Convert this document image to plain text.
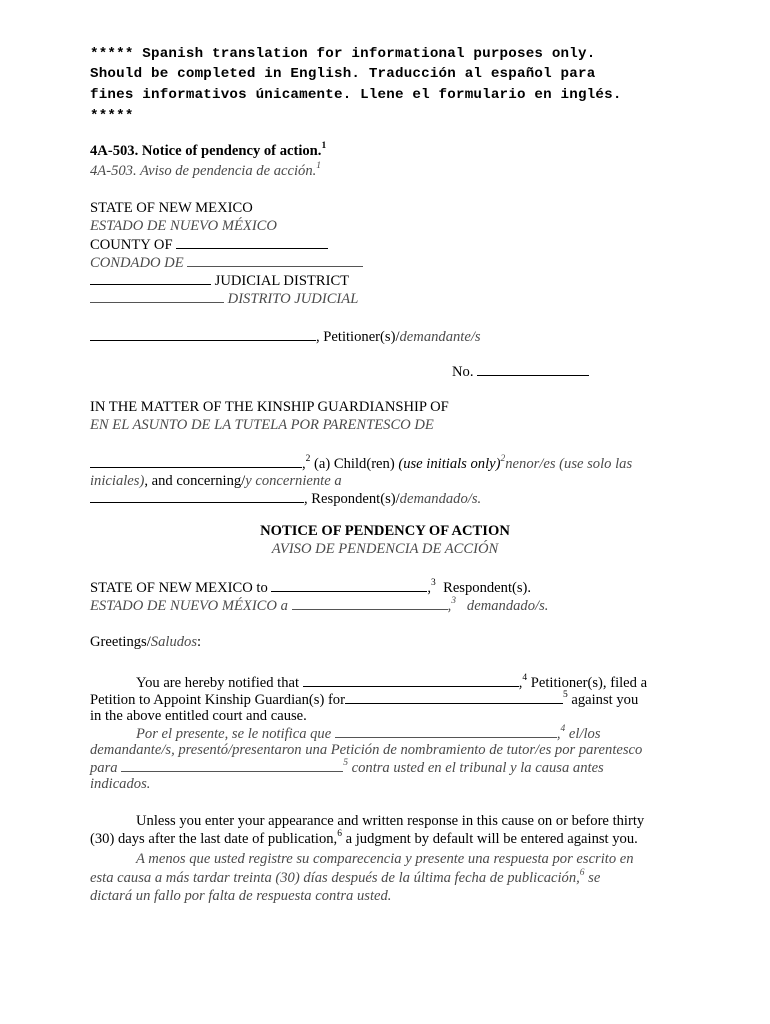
***** Spanish translation for informational purposes only.
Should be completed in English. Traducción al español para
fines informativos únicamente. Llene el formulario en inglés.
*****
4A-503. Notice of pendency of action.$^1$
4A-503. Aviso de pendencia de acción.$^1$
STATE OF NEW MEXICO
ESTADO DE NUEVO MÉXICO
COUNTY OF
CONDADO DE
JUDICIAL DISTRICT
DISTRITO JUDICIAL
, Petitioner(s)/demandante/s
No.
IN THE MATTER OF THE KINSHIP GUARDIANSHIP OF
EN EL ASUNTO DE LA TUTELA POR PARENTESCO DE
,$^2$ (a) Child(ren) (use initials only)$^2$nenor/es (use solo las
iniciales), and concerning/y concerniente a
, Respondent(s)/demandado/s.
NOTICE OF PENDENCY OF ACTION
AVISO DE PENDENCIA DE ACCIÓN
STATE OF NEW MEXICO to	,$^3$ Respondent(s).
ESTADO DE NUEVO MÉXICO a	,$^3$ demandado/s.
Greetings/Saludos:
You are hereby notified that	,$^4$ Petitioner(s), filed a
Petition to Appoint Kinship Guardian(s) for	$^5$ against you
in the above entitled court and cause.
Por el presente, se le notifica que	,$^4$ el/los
demandante/s, presentó/presentaron una Petición de nombramiento de tutor/es por parentesco
para	$^5$ contra usted en el tribunal y la causa antes
indicados.
Unless you enter your appearance and written response in this cause on or before thirty
(30) days after the last date of publication,$^6$ a judgment by default will be entered against you.
A menos que usted registre su comparecencia y presente una respuesta por escrito en
esta causa a más tardar treinta (30) días después de la última fecha de publicación,$^6$ se
dictará un fallo por falta de respuesta contra usted.
